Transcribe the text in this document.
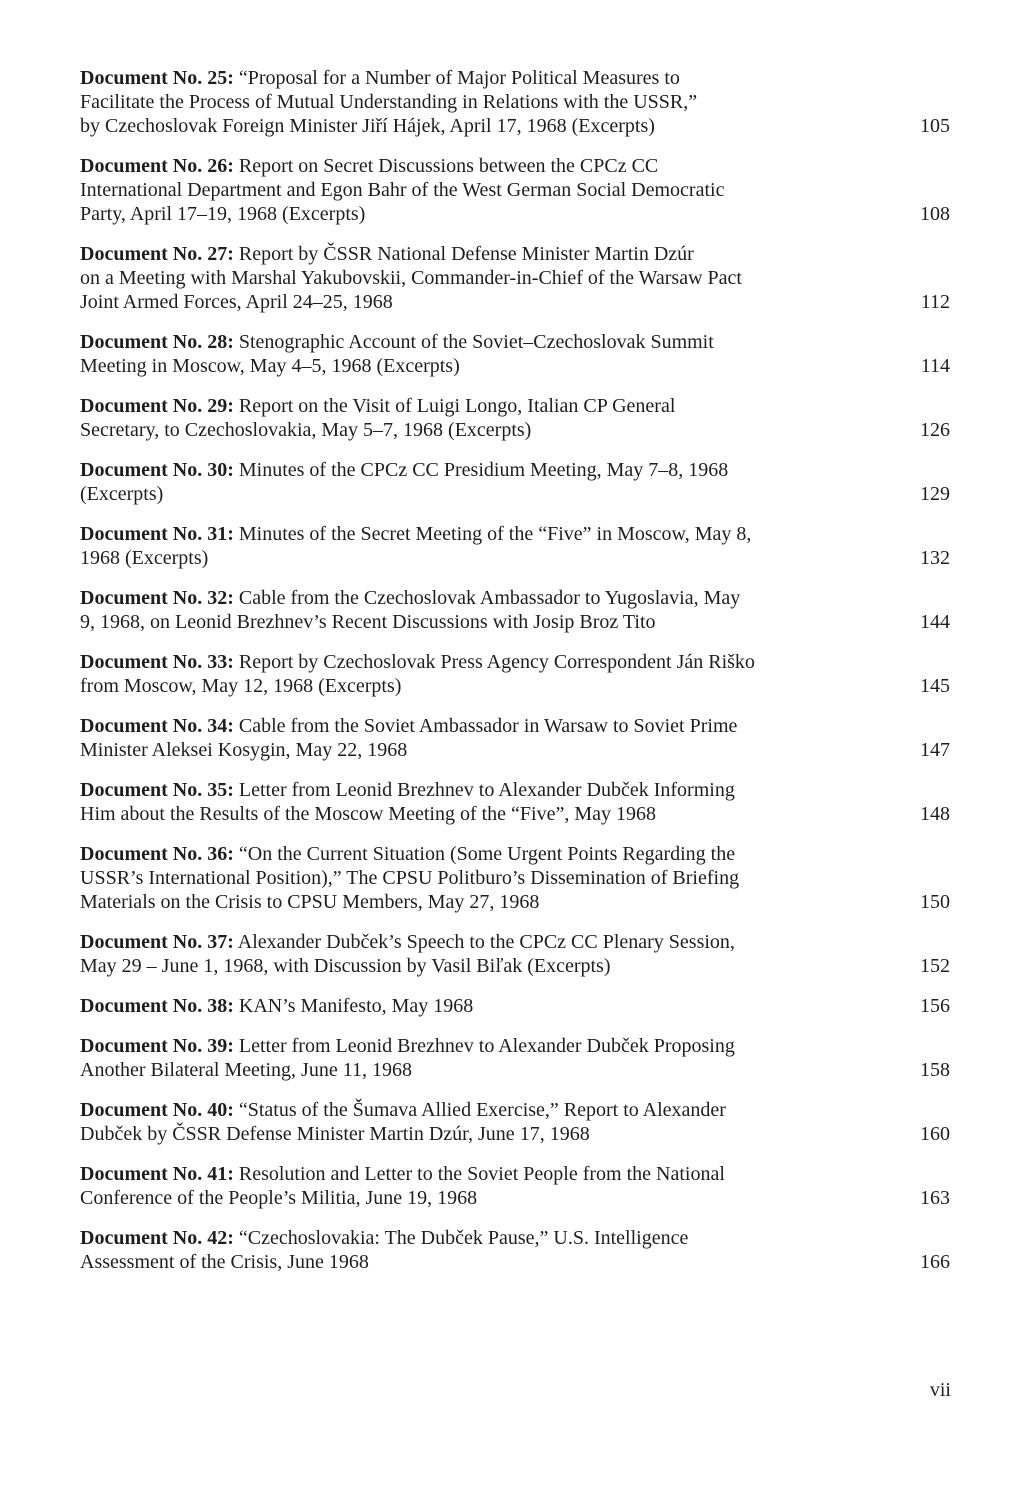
Document No. 25: “Proposal for a Number of Major Political Measures to
Facilitate the Process of Mutual Understanding in Relations with the USSR,”
by Czechoslovak Foreign Minister Jiří Hájek, April 17, 1968 (Excerpts)	105
Document No. 26: Report on Secret Discussions between the CPCz CC
International Department and Egon Bahr of the West German Social Democratic
Party, April 17–19, 1968 (Excerpts)	108
Document No. 27: Report by ČSSR National Defense Minister Martin Dzúr
on a Meeting with Marshal Yakubovskii, Commander-in-Chief of the Warsaw Pact
Joint Armed Forces, April 24–25, 1968	112
Document No. 28: Stenographic Account of the Soviet–Czechoslovak Summit
Meeting in Moscow, May 4–5, 1968 (Excerpts)	114
Document No. 29: Report on the Visit of Luigi Longo, Italian CP General
Secretary, to Czechoslovakia, May 5–7, 1968 (Excerpts)	126
Document No. 30: Minutes of the CPCz CC Presidium Meeting, May 7–8, 1968
(Excerpts)	129
Document No. 31: Minutes of the Secret Meeting of the “Five” in Moscow, May 8,
1968 (Excerpts)	132
Document No. 32: Cable from the Czechoslovak Ambassador to Yugoslavia, May
9, 1968, on Leonid Brezhnev’s Recent Discussions with Josip Broz Tito	144
Document No. 33: Report by Czechoslovak Press Agency Correspondent Ján Riško
from Moscow, May 12, 1968 (Excerpts)	145
Document No. 34: Cable from the Soviet Ambassador in Warsaw to Soviet Prime
Minister Aleksei Kosygin, May 22, 1968	147
Document No. 35: Letter from Leonid Brezhnev to Alexander Dubček Informing
Him about the Results of the Moscow Meeting of the “Five”, May 1968	148
Document No. 36: “On the Current Situation (Some Urgent Points Regarding the
USSR’s International Position),” The CPSU Politburo’s Dissemination of Briefing
Materials on the Crisis to CPSU Members, May 27, 1968	150
Document No. 37: Alexander Dubček’s Speech to the CPCz CC Plenary Session,
May 29 – June 1, 1968, with Discussion by Vasil Biľak (Excerpts)	152
Document No. 38: KAN’s Manifesto, May 1968	156
Document No. 39: Letter from Leonid Brezhnev to Alexander Dubček Proposing
Another Bilateral Meeting, June 11, 1968	158
Document No. 40: “Status of the Šumava Allied Exercise,” Report to Alexander
Dubček by ČSSR Defense Minister Martin Dzúr, June 17, 1968	160
Document No. 41: Resolution and Letter to the Soviet People from the National
Conference of the People’s Militia, June 19, 1968	163
Document No. 42: “Czechoslovakia: The Dubček Pause,” U.S. Intelligence
Assessment of the Crisis, June 1968	166
vii
